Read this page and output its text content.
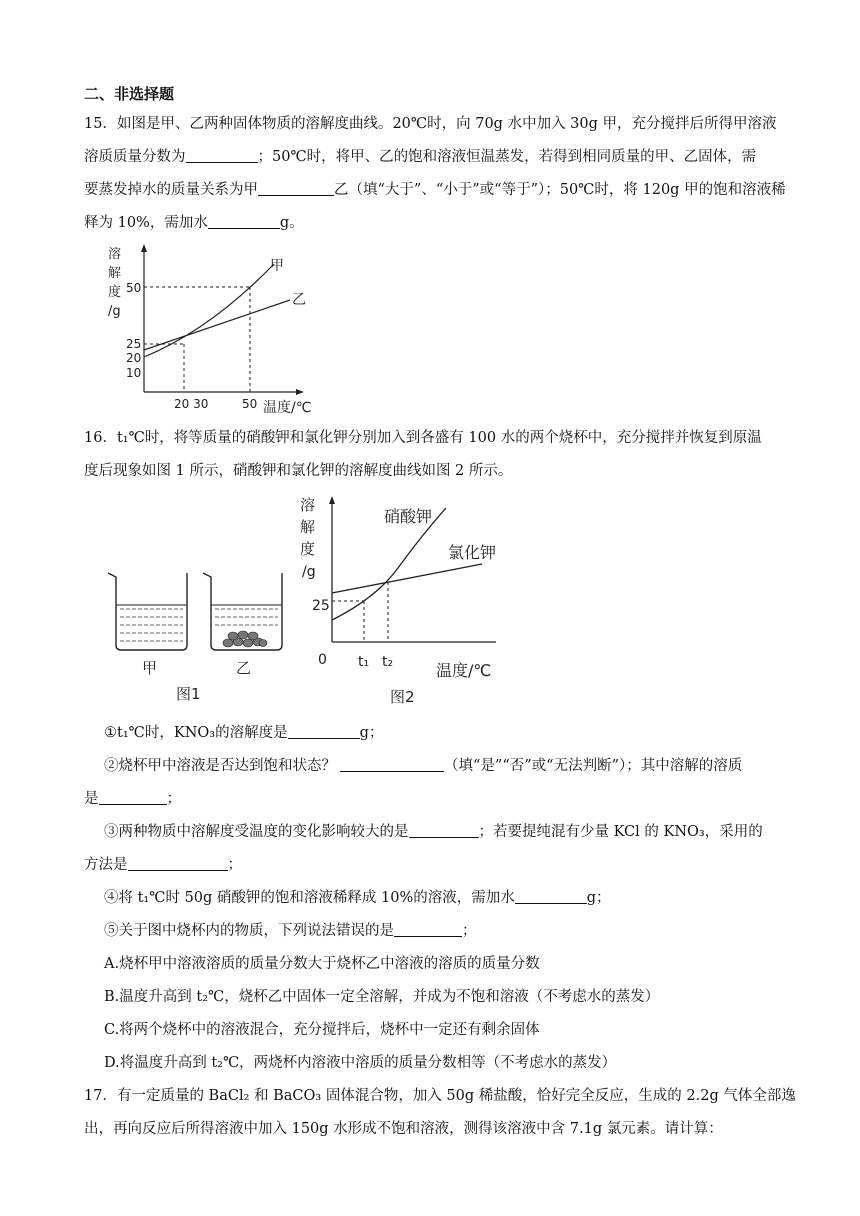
二、非选择题
15．如图是甲、乙两种固体物质的溶解度曲线。20℃时，向 70g 水中加入 30g 甲，充分搅拌后所得甲溶液
溶质质量分数为	；50℃时，将甲、乙的饱和溶液恒温蒸发，若得到相同质量的甲、乙固体，需
要蒸发掉水的质量关系为甲	乙（填“大于”、“小于”或“等于”）；50℃时，将 120g 甲的饱和溶液稀
释为 10%，需加水	g。
溶
解
度
/g
50
25
20
10
甲
乙
20 30	50 温度/℃
16．t₁℃时，将等质量的硝酸钾和氯化钾分别加入到各盛有 100 水的两个烧杯中，充分搅拌并恢复到原温
度后现象如图 1 所示，硝酸钾和氯化钾的溶解度曲线如图 2 所示。
甲	乙
图1
溶
解
度
/g
25
0
硝酸钾
氯化钾
t₁ t₂	温度/℃
图2
①t₁℃时，KNO₃的溶解度是	g；
②烧杯甲中溶液是否达到饱和状态？	（填“是”“否”或“无法判断”）；其中溶解的溶质
是	；
③两种物质中溶解度受温度的变化影响较大的是	；若要提纯混有少量 KCl 的 KNO₃，采用的
方法是	；
④将 t₁℃时 50g 硝酸钾的饱和溶液稀释成 10%的溶液，需加水	g；
⑤关于图中烧杯内的物质，下列说法错误的是	；
A.烧杯甲中溶液溶质的质量分数大于烧杯乙中溶液的溶质的质量分数
B.温度升高到 t₂℃，烧杯乙中固体一定全溶解，并成为不饱和溶液（不考虑水的蒸发）
C.将两个烧杯中的溶液混合，充分搅拌后，烧杯中一定还有剩余固体
D.将温度升高到 t₂℃，两烧杯内溶液中溶质的质量分数相等（不考虑水的蒸发）
17．有一定质量的 BaCl₂ 和 BaCO₃ 固体混合物，加入 50g 稀盐酸，恰好完全反应，生成的 2.2g 气体全部逸
出，再向反应后所得溶液中加入 150g 水形成不饱和溶液，测得该溶液中含 7.1g 氯元素。请计算：
